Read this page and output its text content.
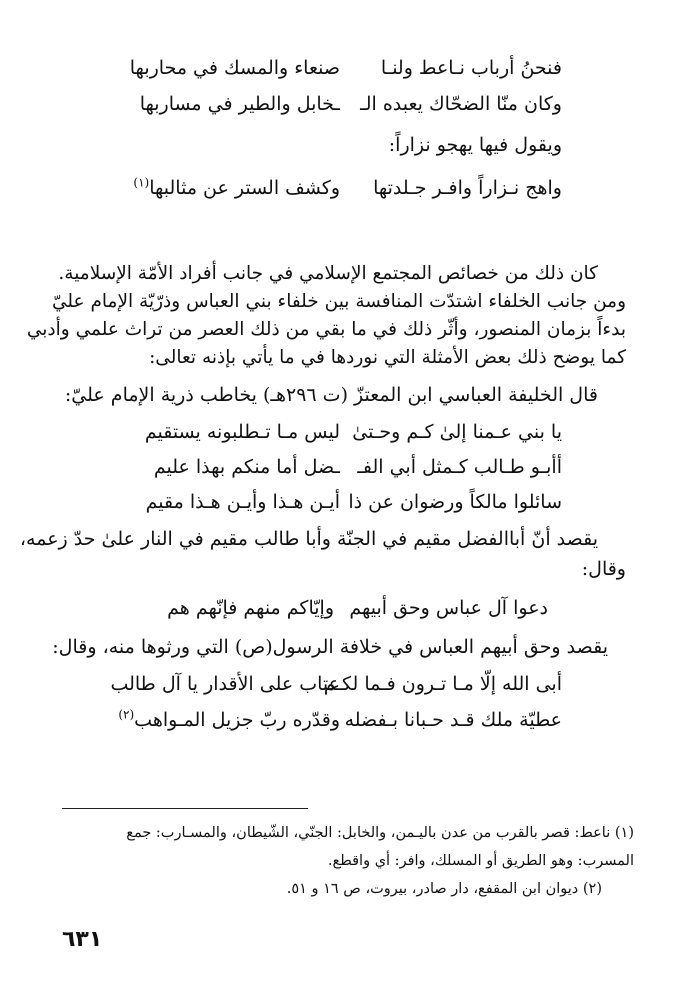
فنحنُ أرباب نـاعط ولنـا
صنعاء والمسك في محاربها
وكان منّا الضحّاك يعبده الـ
ـخابل والطير في مساربها
ويقول فيها يهجو نزاراً:
واهج نـزاراً وافـر جـلدتها
وكشف الستر عن مثالبها$^{(١)}$
كان ذلك من خصائص المجتمع الإسلامي في جانب أفراد الأمّة الإسلامية.
ومن جانب الخلفاء اشتدّت المنافسة بين خلفاء بني العباس وذرّيّة الإمام عليّ
بدءاً بزمان المنصور، وأثّر ذلك في ما بقي من ذلك العصر من تراث علمي وأدبي
كما يوضح ذلك بعض الأمثلة التي نوردها في ما يأتي بإذنه تعالى:
قال الخليفة العباسي ابن المعتزّ (ت ٢٩٦هـ) يخاطب ذرية الإمام عليّ:
يا بني عـمنا إلىٰ كـم وحـتىٰ
ليس مـا تـطلبونه يستقيم
أأبـو طـالب كـمثل أبي الفـ
ـضل أما منكم بهذا عليم
سائلوا مالكاً ورضوان عن ذا
أيـن هـذا وأيـن هـذا مقيم
يقصد أنّ أباالفضل مقيم في الجنّة وأبا طالب مقيم في النار علىٰ حدّ زعمه،
وقال:
دعوا آل عباس وحق أبيهم
وإيّاكم منهم فإنّهم هم
يقصد وحق أبيهم العباس في خلافة الرسول(ص) التي ورثوها منه، وقال:
أبى الله إلّا مـا تـرون فـما لكـم
عتاب على الأقدار يا آل طالب
عطيّة ملك قـد حـبانا بـفضله
وقدّره ربّ جزيل المـواهب$^{(٢)}$
(١) ناعط: قصر بالقرب من عدن باليـمن، والخابل: الجنّي، الشّيطان، والمسـارب: جمع
المسرب: وهو الطريق أو المسلك، وافر: أي واقطع.
(٢) ديوان ابن المقفع، دار صادر، بيروت، ص ١٦ و ٥١.
٦٣١
